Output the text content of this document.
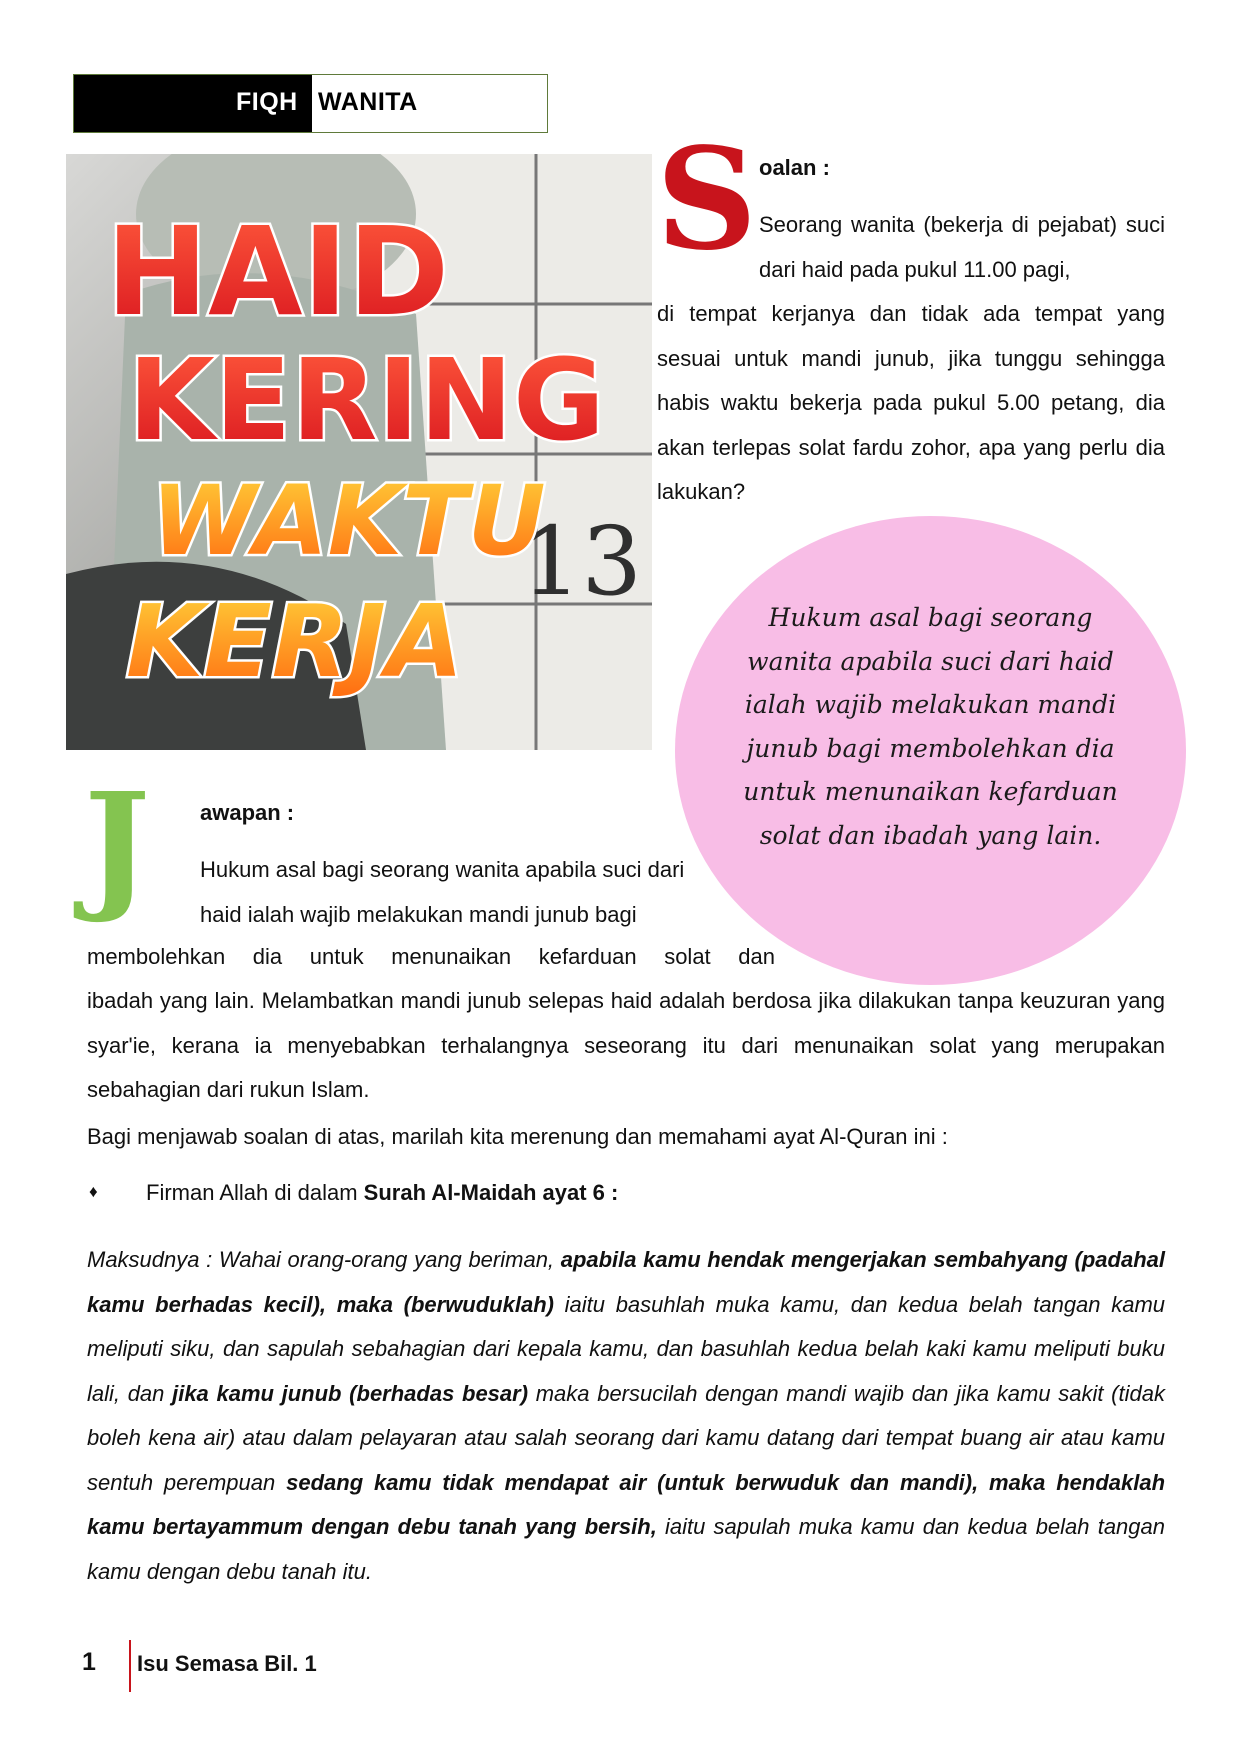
FIQH WANITA
13
HAID
KERING
WAKTU
KERJA
S oalan :
Seorang wanita (bekerja di pejabat) suci dari haid pada pukul 11.00 pagi,
di tempat kerjanya dan tidak ada tempat yang sesuai untuk mandi junub, jika tunggu sehingga habis waktu bekerja pada pukul 5.00 petang, dia akan terlepas solat fardu zohor, apa yang perlu dia lakukan?
Hukum asal bagi seorang wanita apabila suci dari haid ialah wajib melakukan mandi junub bagi membolehkan dia untuk menunaikan kefarduan solat dan ibadah yang lain.
J awapan :
Hukum asal bagi seorang wanita apabila suci dari haid ialah wajib melakukan mandi junub bagi
membolehkan dia untuk menunaikan kefarduan solat dan
ibadah yang lain. Melambatkan mandi junub selepas haid adalah berdosa jika dilakukan tanpa keuzuran yang syar'ie, kerana ia menyebabkan terhalangnya seseorang itu dari menunaikan solat yang merupakan sebahagian dari rukun Islam.
Bagi menjawab soalan di atas, marilah kita merenung dan memahami ayat Al-Quran ini :
♦ Firman Allah di dalam Surah Al-Maidah ayat 6 :
Maksudnya : Wahai orang-orang yang beriman, apabila kamu hendak mengerjakan sembahyang (padahal kamu berhadas kecil), maka (berwuduklah) iaitu basuhlah muka kamu, dan kedua belah tangan kamu meliputi siku, dan sapulah sebahagian dari kepala kamu, dan basuhlah kedua belah kaki kamu meliputi buku lali, dan jika kamu junub (berhadas besar) maka bersucilah dengan mandi wajib dan jika kamu sakit (tidak boleh kena air) atau dalam pelayaran atau salah seorang dari kamu datang dari tempat buang air atau kamu sentuh perempuan sedang kamu tidak mendapat air (untuk berwuduk dan mandi), maka hendaklah kamu bertayammum dengan debu tanah yang bersih, iaitu sapulah muka kamu dan kedua belah tangan kamu dengan debu tanah itu.
1 Isu Semasa Bil. 1
